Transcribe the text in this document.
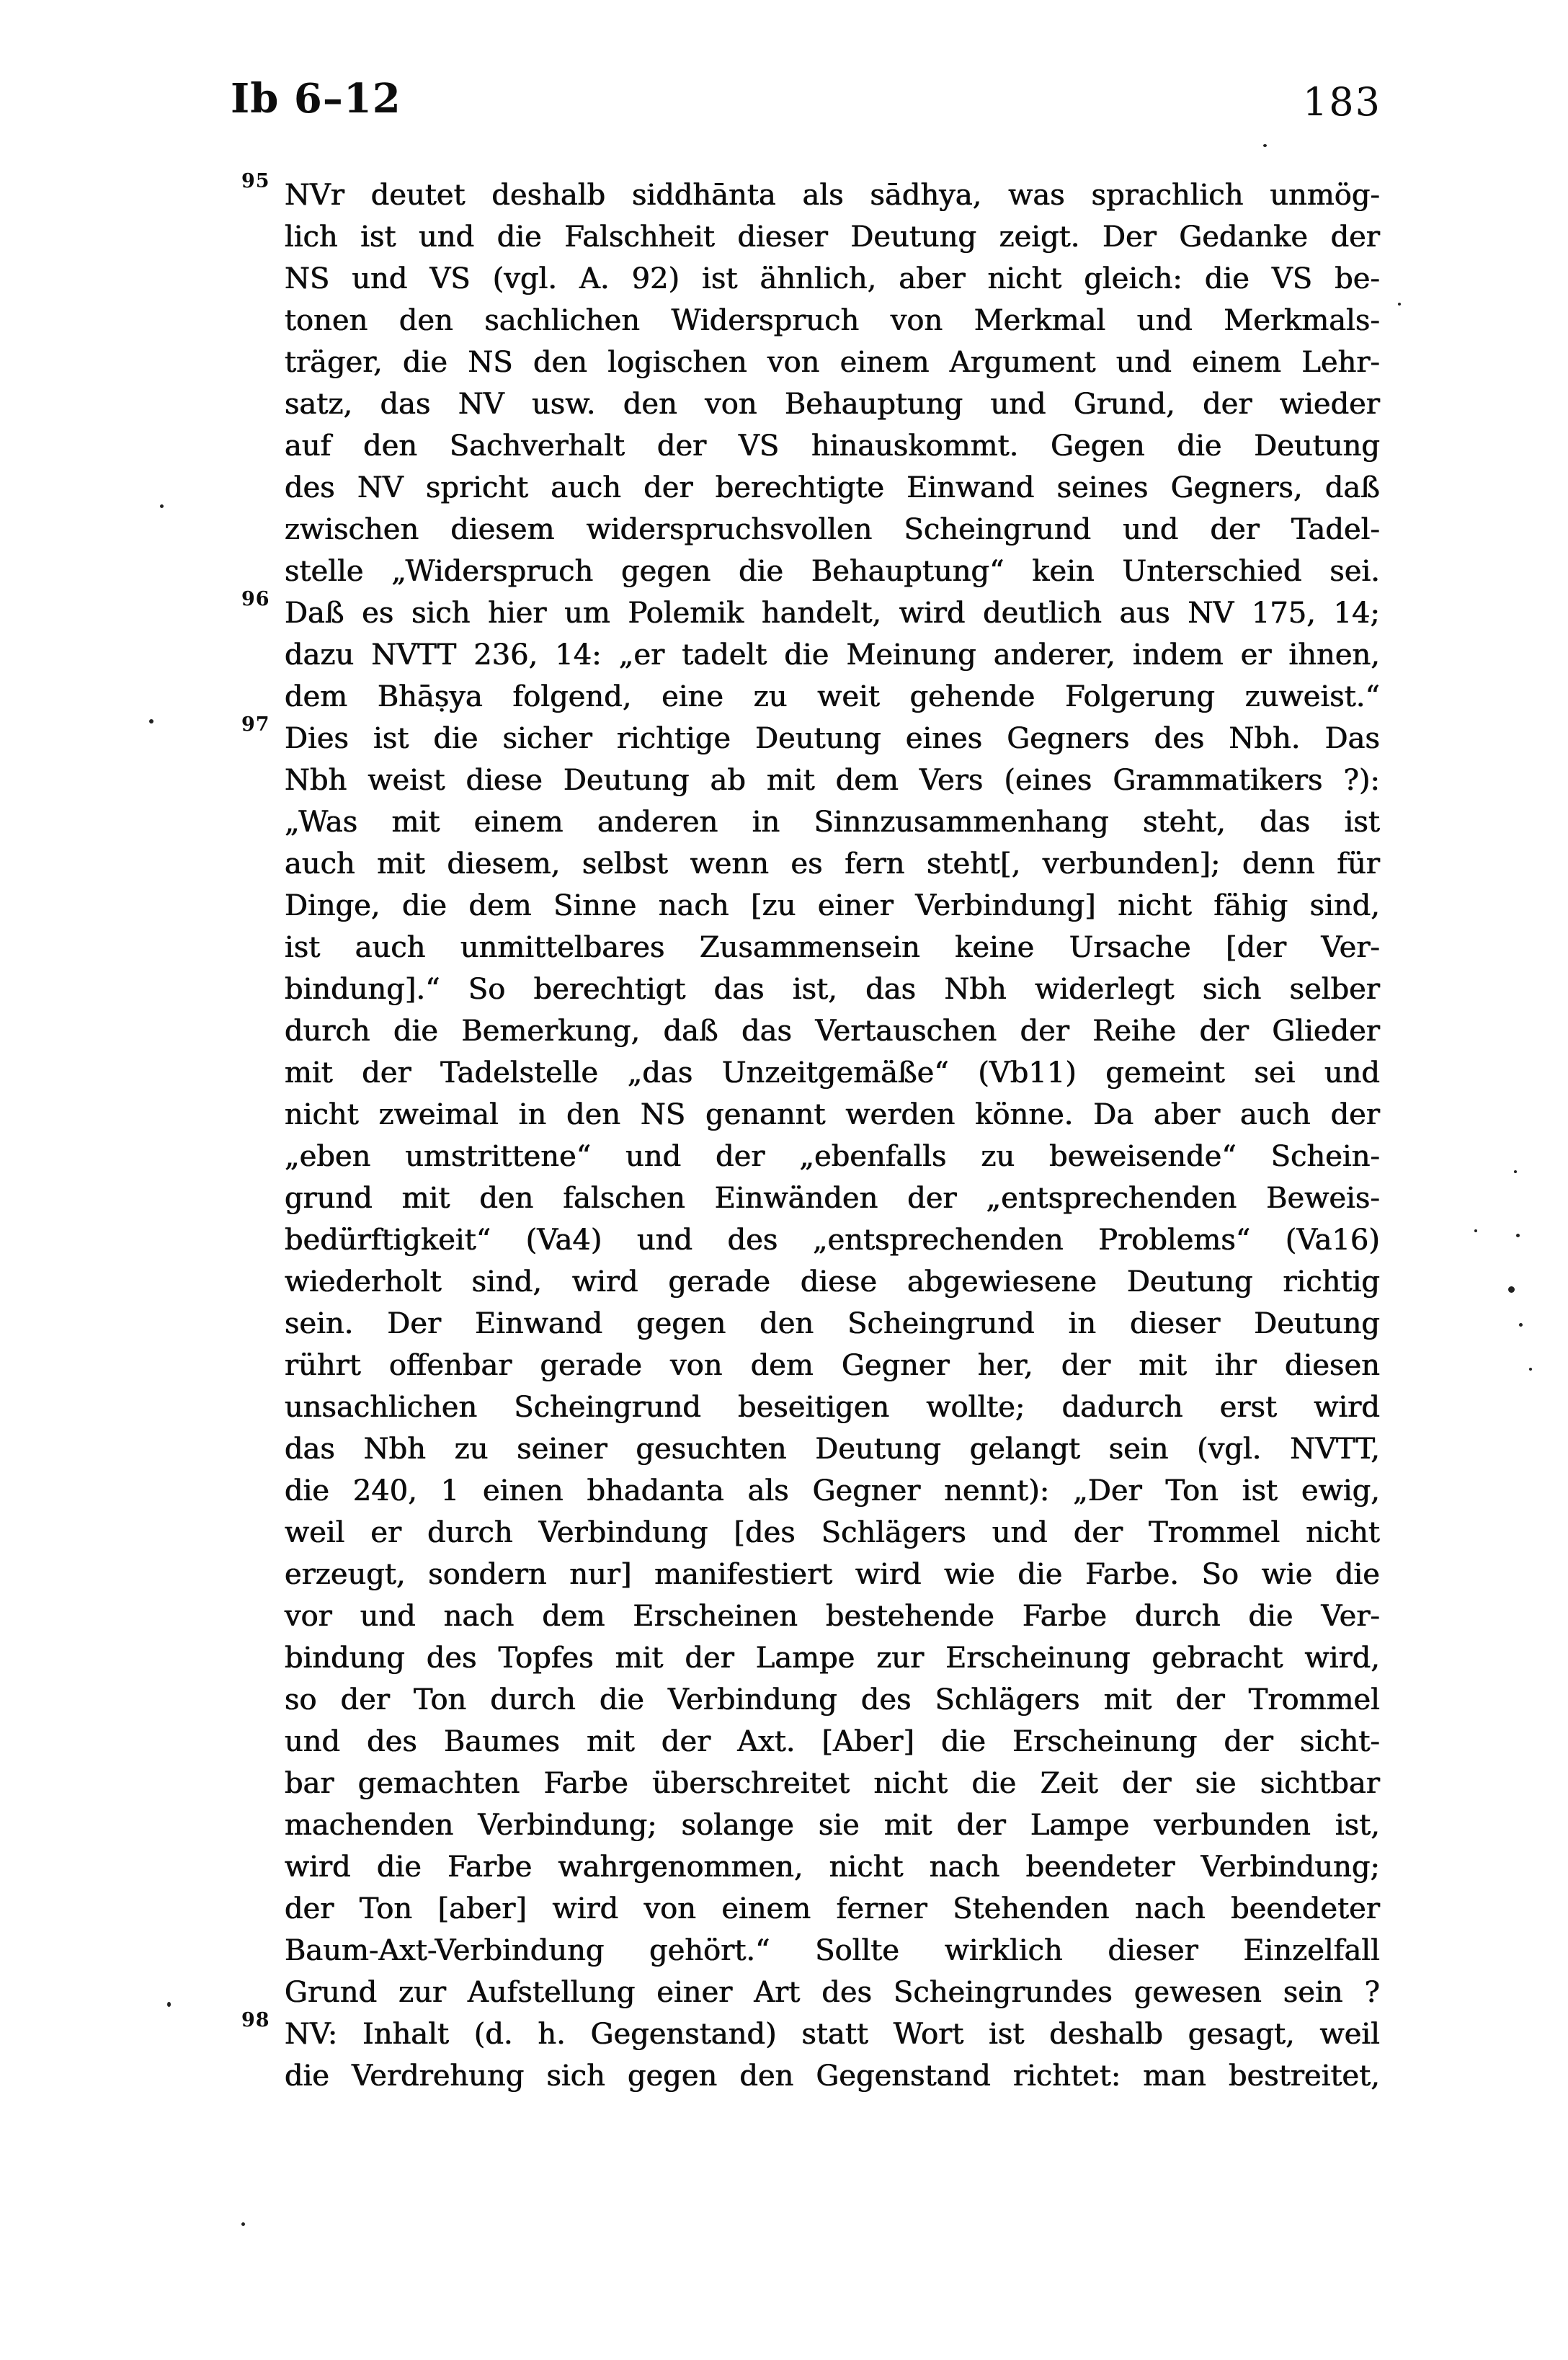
Ib 6–12	183
95 NVr deutet deshalb siddhānta als sādhya, was sprachlich unmög-
lich ist und die Falschheit dieser Deutung zeigt. Der Gedanke der
NS und VS (vgl. A. 92) ist ähnlich, aber nicht gleich: die VS be-
tonen den sachlichen Widerspruch von Merkmal und Merkmals-
träger, die NS den logischen von einem Argument und einem Lehr-
satz, das NV usw. den von Behauptung und Grund, der wieder
auf den Sachverhalt der VS hinauskommt. Gegen die Deutung
des NV spricht auch der berechtigte Einwand seines Gegners, daß
zwischen diesem widerspruchsvollen Scheingrund und der Tadel-
stelle „Widerspruch gegen die Behauptung“ kein Unterschied sei.
96 Daß es sich hier um Polemik handelt, wird deutlich aus NV 175, 14;
dazu NVTT 236, 14: „er tadelt die Meinung anderer, indem er ihnen,
dem Bhāṣya folgend, eine zu weit gehende Folgerung zuweist.“
97 Dies ist die sicher richtige Deutung eines Gegners des Nbh. Das
Nbh weist diese Deutung ab mit dem Vers (eines Grammatikers ?):
„Was mit einem anderen in Sinnzusammenhang steht, das ist
auch mit diesem, selbst wenn es fern steht[, verbunden]; denn für
Dinge, die dem Sinne nach [zu einer Verbindung] nicht fähig sind,
ist auch unmittelbares Zusammensein keine Ursache [der Ver-
bindung].“ So berechtigt das ist, das Nbh widerlegt sich selber
durch die Bemerkung, daß das Vertauschen der Reihe der Glieder
mit der Tadelstelle „das Unzeitgemäße“ (Vb11) gemeint sei und
nicht zweimal in den NS genannt werden könne. Da aber auch der
„eben umstrittene“ und der „ebenfalls zu beweisende“ Schein-
grund mit den falschen Einwänden der „entsprechenden Beweis-
bedürftigkeit“ (Va4) und des „entsprechenden Problems“ (Va16)
wiederholt sind, wird gerade diese abgewiesene Deutung richtig
sein. Der Einwand gegen den Scheingrund in dieser Deutung
rührt offenbar gerade von dem Gegner her, der mit ihr diesen
unsachlichen Scheingrund beseitigen wollte; dadurch erst wird
das Nbh zu seiner gesuchten Deutung gelangt sein (vgl. NVTT,
die 240, 1 einen bhadanta als Gegner nennt): „Der Ton ist ewig,
weil er durch Verbindung [des Schlägers und der Trommel nicht
erzeugt, sondern nur] manifestiert wird wie die Farbe. So wie die
vor und nach dem Erscheinen bestehende Farbe durch die Ver-
bindung des Topfes mit der Lampe zur Erscheinung gebracht wird,
so der Ton durch die Verbindung des Schlägers mit der Trommel
und des Baumes mit der Axt. [Aber] die Erscheinung der sicht-
bar gemachten Farbe überschreitet nicht die Zeit der sie sichtbar
machenden Verbindung; solange sie mit der Lampe verbunden ist,
wird die Farbe wahrgenommen, nicht nach beendeter Verbindung;
der Ton [aber] wird von einem ferner Stehenden nach beendeter
Baum-Axt-Verbindung gehört.“ Sollte wirklich dieser Einzelfall
Grund zur Aufstellung einer Art des Scheingrundes gewesen sein ?
98 NV: Inhalt (d. h. Gegenstand) statt Wort ist deshalb gesagt, weil
die Verdrehung sich gegen den Gegenstand richtet: man bestreitet,
